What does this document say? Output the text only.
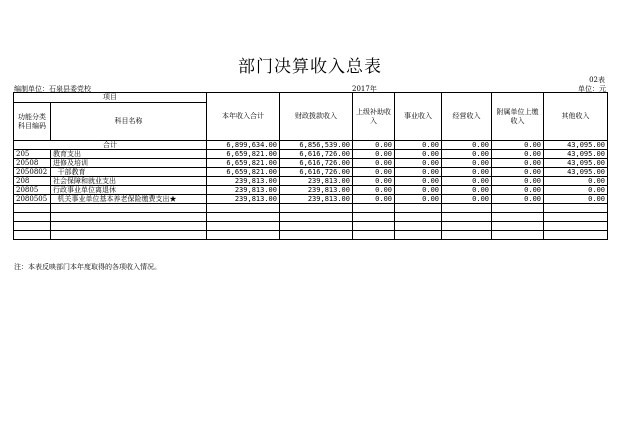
部门决算收入总表
02表
编制单位：石泉县委党校	2017年	单位：元
项目		本年收入合计	财政拨款收入	上级补助收入	事业收入	经营收入	附属单位上缴收入	其他收入
功能分类科目编码	科目名称							
合计		6,899,634.00	6,856,539.00	0.00	0.00	0.00	0.00	43,095.00
205	教育支出	6,659,821.00	6,616,726.00	0.00	0.00	0.00	0.00	43,095.00
20508	进修及培训	6,659,821.00	6,616,726.00	0.00	0.00	0.00	0.00	43,095.00
2050802	干部教育	6,659,821.00	6,616,726.00	0.00	0.00	0.00	0.00	43,095.00
208	社会保障和就业支出	239,813.00	239,813.00	0.00	0.00	0.00	0.00	0.00
20805	行政事业单位离退休	239,813.00	239,813.00	0.00	0.00	0.00	0.00	0.00
2080505	机关事业单位基本养老保险缴费支出★	239,813.00	239,813.00	0.00	0.00	0.00	0.00	0.00

注：本表反映部门本年度取得的各项收入情况。
